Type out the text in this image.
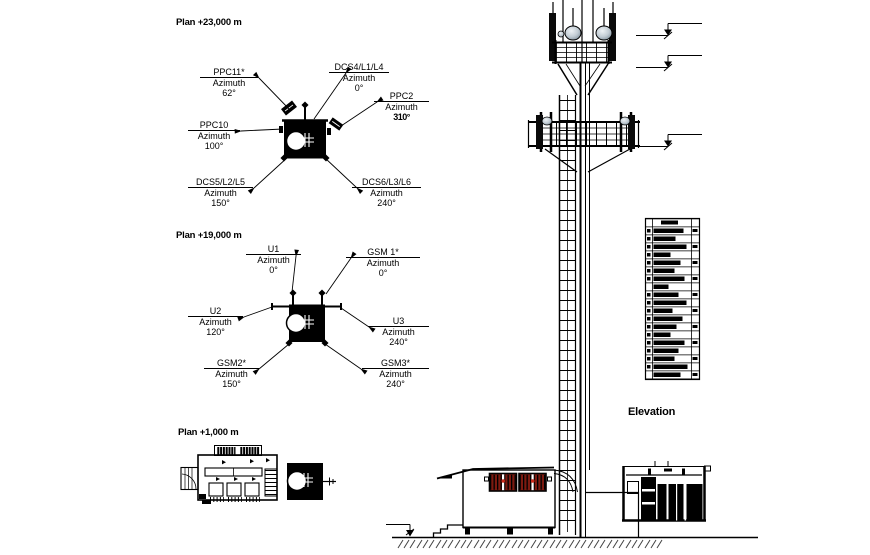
Plan +23,000 m
Plan +19,000 m
Plan +1,000 m
Elevation
PPC11*
Azimuth
62°
DCS4/L1/L4
Azimuth
0°
PPC2
Azimuth
310°
PPC10
Azimuth
100°
DCS5/L2/L5
Azimuth
150°
DCS6/L3/L6
Azimuth
240°
U1
Azimuth
0°
GSM 1*
Azimuth
0°
U2
Azimuth
120°
U3
Azimuth
240°
GSM2*
Azimuth
150°
GSM3*
Azimuth
240°
